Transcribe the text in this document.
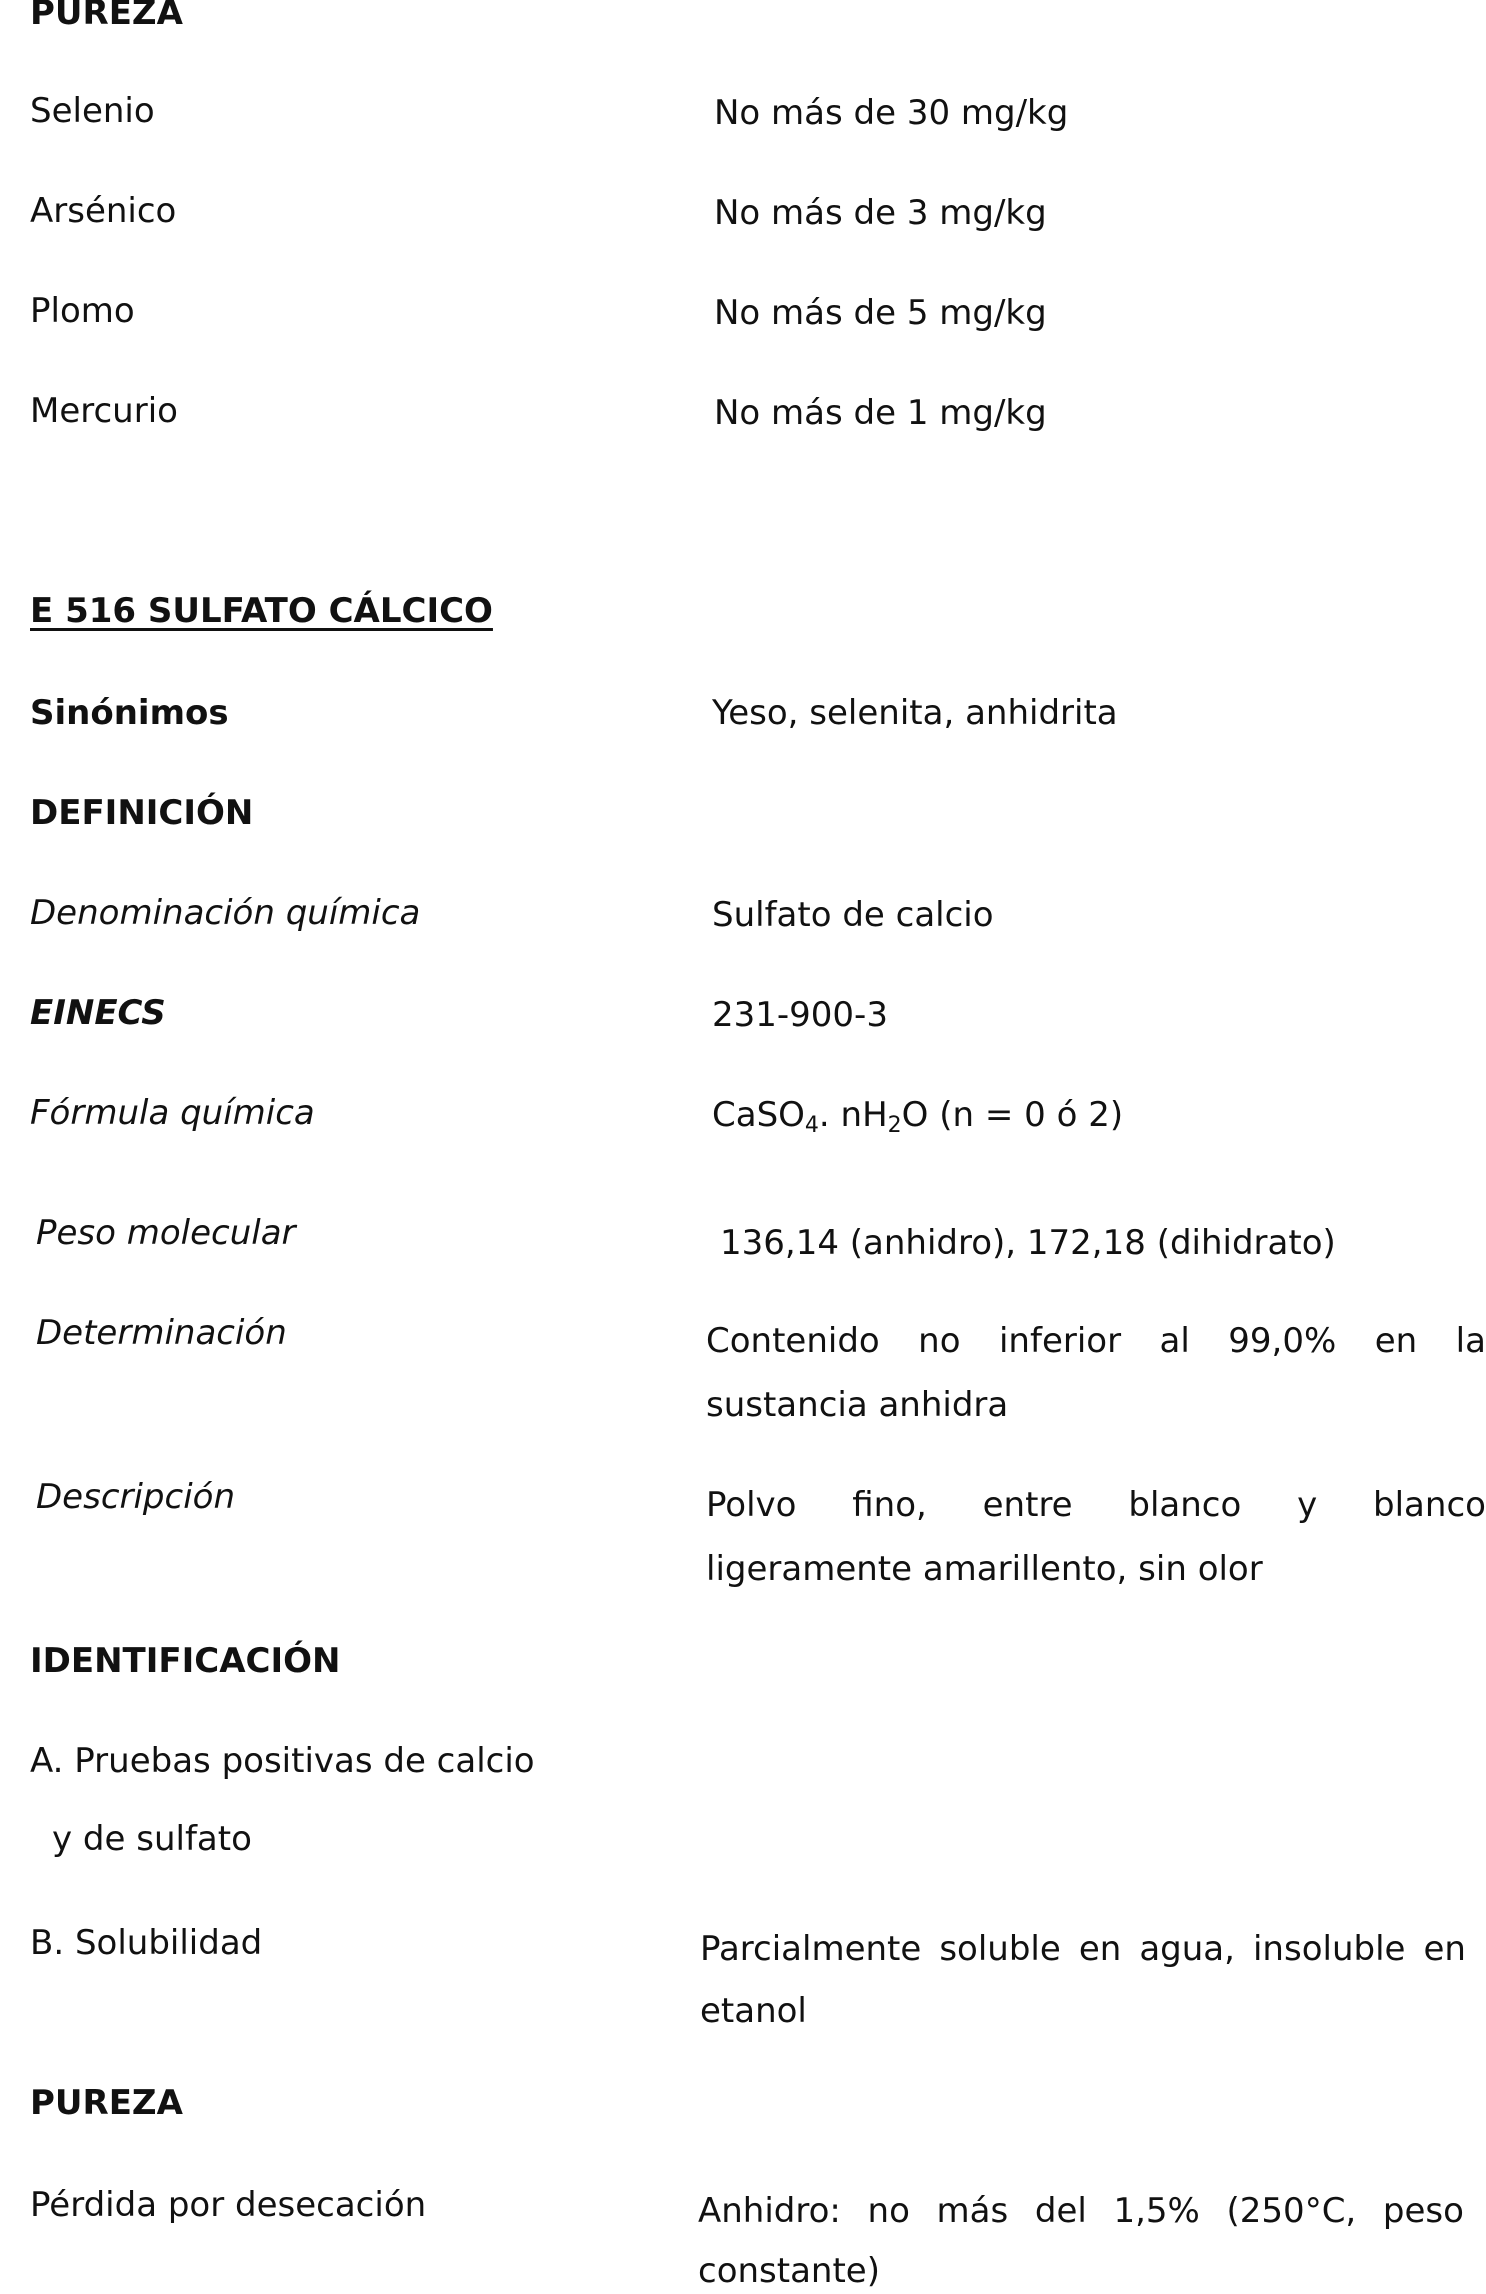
PUREZA
Selenio	No más de 30 mg/kg
Arsénico	No más de 3 mg/kg
Plomo	No más de 5 mg/kg
Mercurio	No más de 1 mg/kg
E 516 SULFATO CÁLCICO
Sinónimos	Yeso, selenita, anhidrita
DEFINICIÓN
Denominación química	Sulfato de calcio
EINECS	231-900-3
Fórmula química	CaSO$_4$. $nH_2O$ (n = 0 ó 2)
Peso molecular	136,14 (anhidro), 172,18 (dihidrato)
Determinación	Contenido no inferior al 99,0% en la
sustancia anhidra
Descripción	Polvo fino, entre blanco y blanco
ligeramente amarillento, sin olor
IDENTIFICACIÓN
A. Pruebas positivas de calcio
y de sulfato
B. Solubilidad	Parcialmente soluble en agua, insoluble en
etanol
PUREZA
Pérdida por desecación	Anhidro: no más del 1,5% (250°C, peso
constante)
